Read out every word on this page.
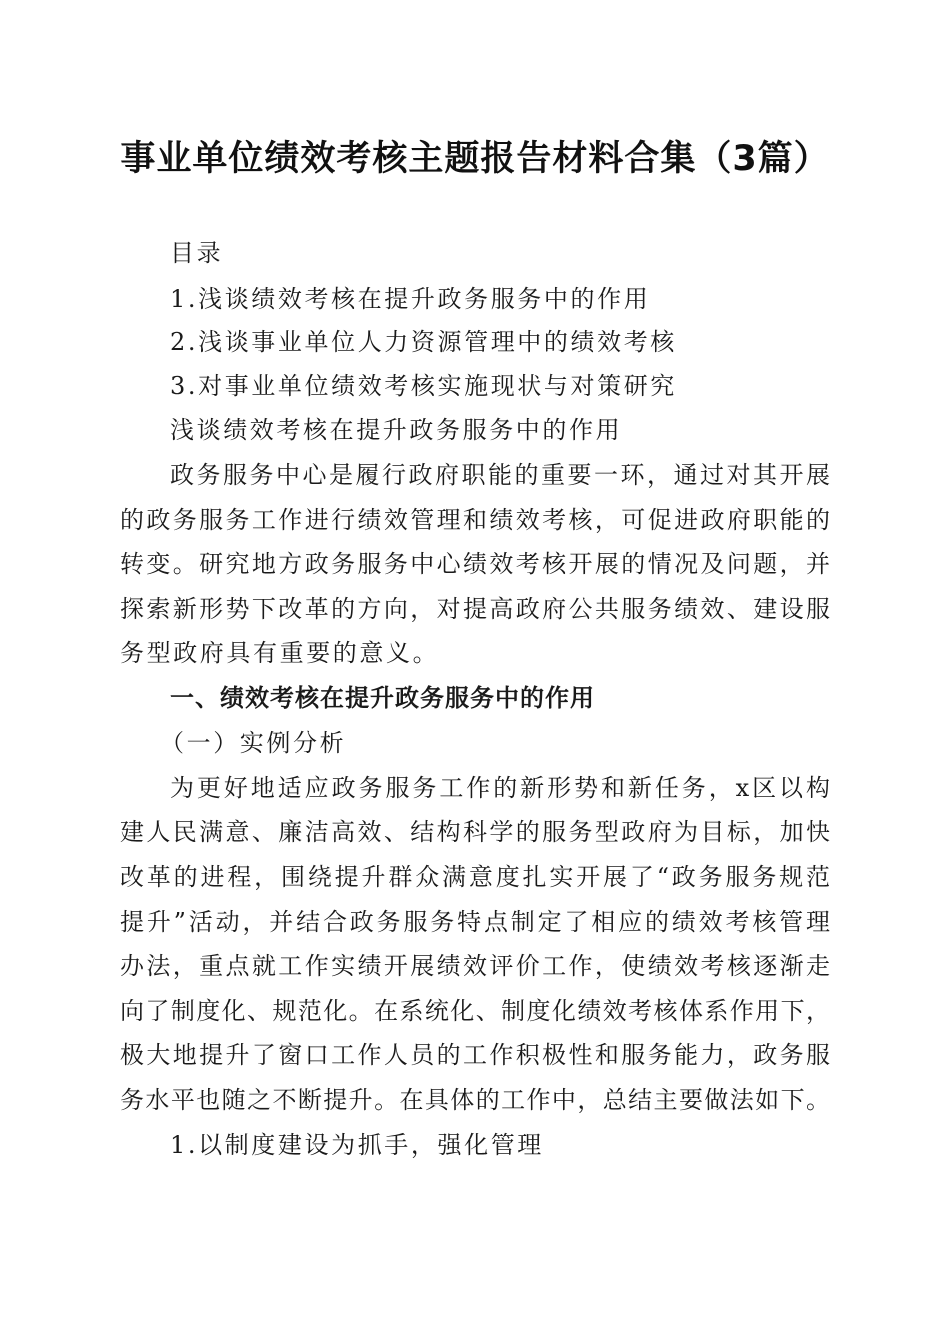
事业单位绩效考核主题报告材料合集（3篇）
目录
1.浅谈绩效考核在提升政务服务中的作用
2.浅谈事业单位人力资源管理中的绩效考核
3.对事业单位绩效考核实施现状与对策研究
浅谈绩效考核在提升政务服务中的作用
政务服务中心是履行政府职能的重要一环，通过对其开展
的政务服务工作进行绩效管理和绩效考核，可促进政府职能的
转变。研究地方政务服务中心绩效考核开展的情况及问题，并
探索新形势下改革的方向，对提高政府公共服务绩效、建设服
务型政府具有重要的意义。
一、绩效考核在提升政务服务中的作用
（一）实例分析
为更好地适应政务服务工作的新形势和新任务，x区以构
建人民满意、廉洁高效、结构科学的服务型政府为目标，加快
改革的进程，围绕提升群众满意度扎实开展了“政务服务规范
提升”活动，并结合政务服务特点制定了相应的绩效考核管理
办法，重点就工作实绩开展绩效评价工作，使绩效考核逐渐走
向了制度化、规范化。在系统化、制度化绩效考核体系作用下，
极大地提升了窗口工作人员的工作积极性和服务能力，政务服
务水平也随之不断提升。在具体的工作中，总结主要做法如下。
1.以制度建设为抓手，强化管理
